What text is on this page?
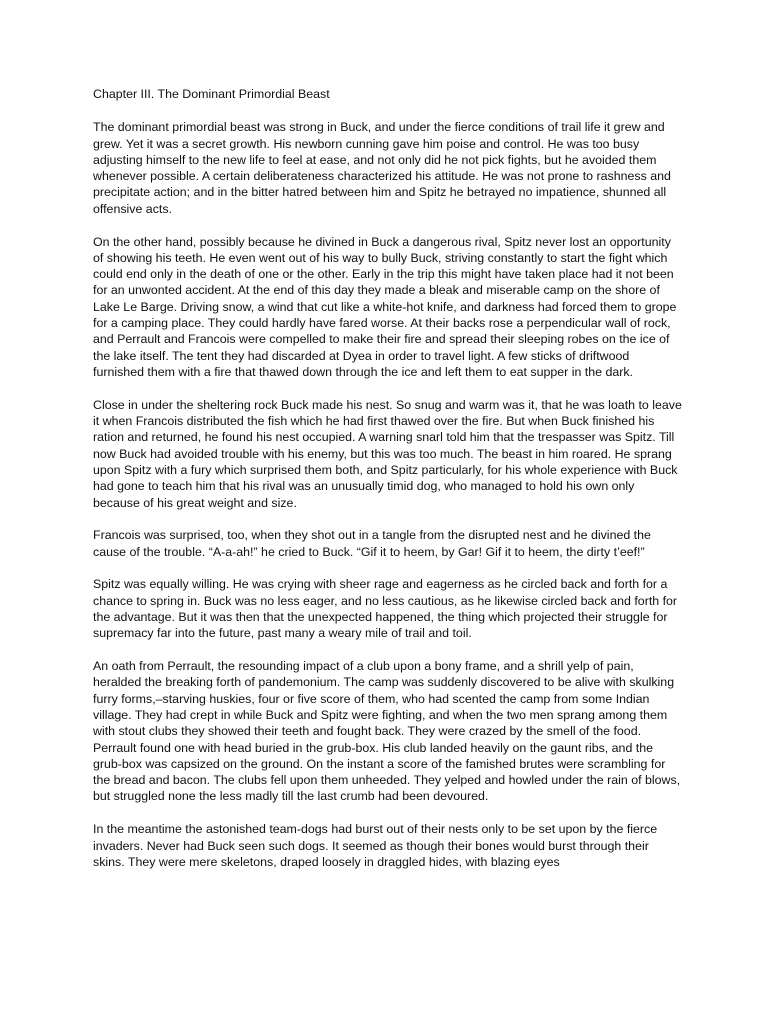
Chapter III. The Dominant Primordial Beast

The dominant primordial beast was strong in Buck, and under the fierce conditions of trail life it grew and grew. Yet it was a secret growth. His newborn cunning gave him poise and control. He was too busy adjusting himself to the new life to feel at ease, and not only did he not pick fights, but he avoided them whenever possible. A certain deliberateness characterized his attitude. He was not prone to rashness and precipitate action; and in the bitter hatred between him and Spitz he betrayed no impatience, shunned all offensive acts.

On the other hand, possibly because he divined in Buck a dangerous rival, Spitz never lost an opportunity of showing his teeth. He even went out of his way to bully Buck, striving constantly to start the fight which could end only in the death of one or the other. Early in the trip this might have taken place had it not been for an unwonted accident. At the end of this day they made a bleak and miserable camp on the shore of Lake Le Barge. Driving snow, a wind that cut like a white-hot knife, and darkness had forced them to grope for a camping place. They could hardly have fared worse. At their backs rose a perpendicular wall of rock, and Perrault and Francois were compelled to make their fire and spread their sleeping robes on the ice of the lake itself. The tent they had discarded at Dyea in order to travel light. A few sticks of driftwood furnished them with a fire that thawed down through the ice and left them to eat supper in the dark.

Close in under the sheltering rock Buck made his nest. So snug and warm was it, that he was loath to leave it when Francois distributed the fish which he had first thawed over the fire. But when Buck finished his ration and returned, he found his nest occupied. A warning snarl told him that the trespasser was Spitz. Till now Buck had avoided trouble with his enemy, but this was too much. The beast in him roared. He sprang upon Spitz with a fury which surprised them both, and Spitz particularly, for his whole experience with Buck had gone to teach him that his rival was an unusually timid dog, who managed to hold his own only because of his great weight and size.

Francois was surprised, too, when they shot out in a tangle from the disrupted nest and he divined the cause of the trouble. “A-a-ah!” he cried to Buck. “Gif it to heem, by Gar! Gif it to heem, the dirty t’eef!”

Spitz was equally willing. He was crying with sheer rage and eagerness as he circled back and forth for a chance to spring in. Buck was no less eager, and no less cautious, as he likewise circled back and forth for the advantage. But it was then that the unexpected happened, the thing which projected their struggle for supremacy far into the future, past many a weary mile of trail and toil.

An oath from Perrault, the resounding impact of a club upon a bony frame, and a shrill yelp of pain, heralded the breaking forth of pandemonium. The camp was suddenly discovered to be alive with skulking furry forms,–starving huskies, four or five score of them, who had scented the camp from some Indian village. They had crept in while Buck and Spitz were fighting, and when the two men sprang among them with stout clubs they showed their teeth and fought back. They were crazed by the smell of the food. Perrault found one with head buried in the grub-box. His club landed heavily on the gaunt ribs, and the grub-box was capsized on the ground. On the instant a score of the famished brutes were scrambling for the bread and bacon. The clubs fell upon them unheeded. They yelped and howled under the rain of blows, but struggled none the less madly till the last crumb had been devoured.

In the meantime the astonished team-dogs had burst out of their nests only to be set upon by the fierce invaders. Never had Buck seen such dogs. It seemed as though their bones would burst through their skins. They were mere skeletons, draped loosely in draggled hides, with blazing eyes
